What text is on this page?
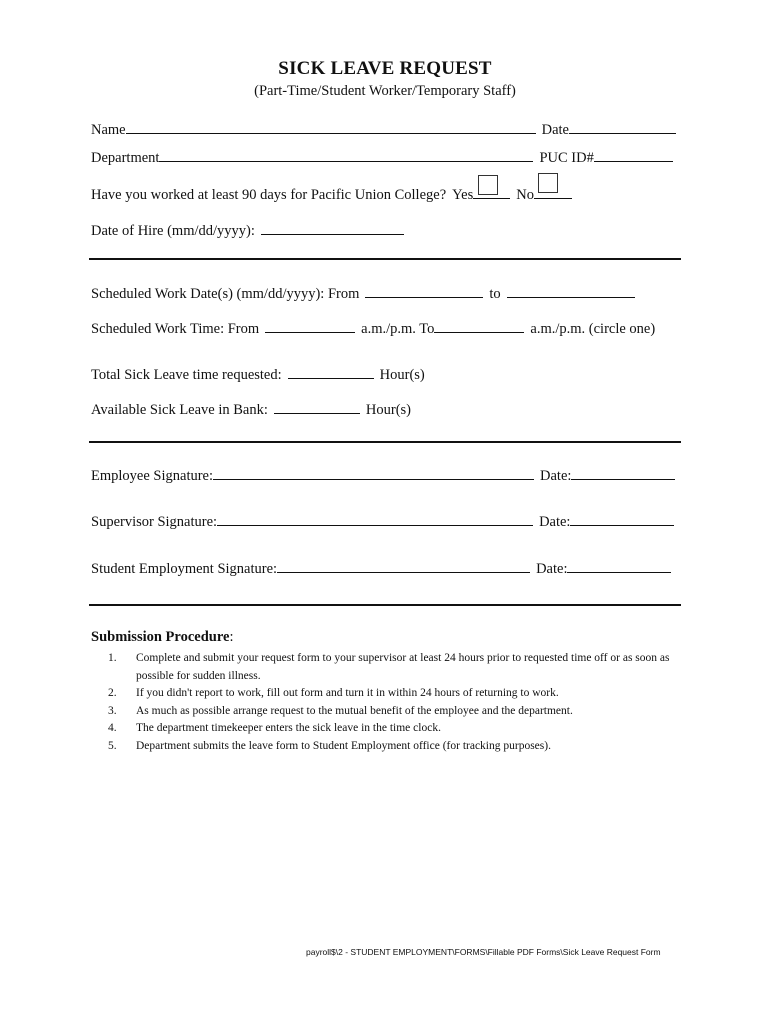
SICK LEAVE REQUEST
(Part-Time/Student Worker/Temporary Staff)
Name	Date
Department	PUC ID#
Have you worked at least 90 days for Pacific Union College? Yes	No
Date of Hire (mm/dd/yyyy):
Scheduled Work Date(s) (mm/dd/yyyy): From	to
Scheduled Work Time: From	a.m./p.m. To	a.m./p.m. (circle one)
Total Sick Leave time requested:	Hour(s)
Available Sick Leave in Bank:	Hour(s)
Employee Signature:	Date:
Supervisor Signature:	Date:
Student Employment Signature:	Date:
Submission Procedure:
1.	Complete and submit your request form to your supervisor at least 24 hours prior to requested time off or as soon as possible for sudden illness.
2.	If you didn't report to work, fill out form and turn it in within 24 hours of returning to work.
3.	As much as possible arrange request to the mutual benefit of the employee and the department.
4.	The department timekeeper enters the sick leave in the time clock.
5.	Department submits the leave form to Student Employment office (for tracking purposes).
payroll$\2 - STUDENT EMPLOYMENT\FORMS\Fillable PDF Forms\Sick Leave Request Form
